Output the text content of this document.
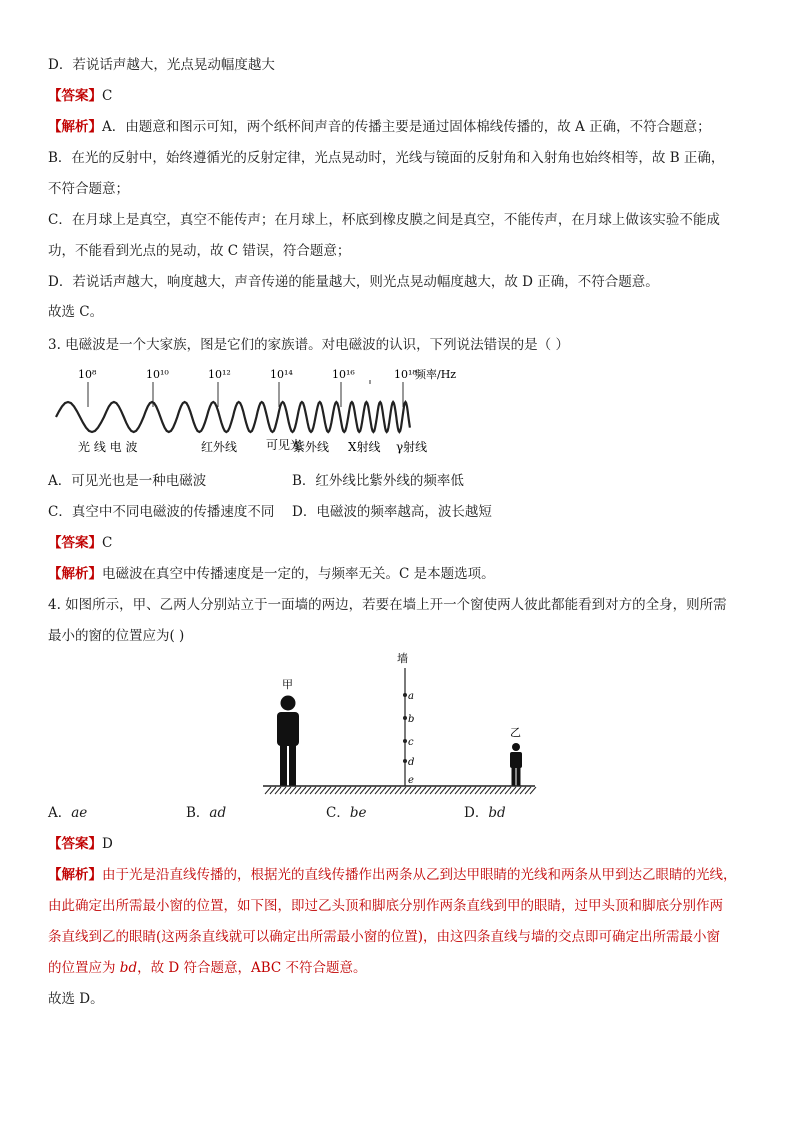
D．若说话声越大，光点晃动幅度越大
【答案】C
【解析】A．由题意和图示可知，两个纸杯间声音的传播主要是通过固体棉线传播的，故 A 正确，不符合题意；
B．在光的反射中，始终遵循光的反射定律，光点晃动时，光线与镜面的反射角和入射角也始终相等，故 B 正确，
不符合题意；
C．在月球上是真空，真空不能传声；在月球上，杯底到橡皮膜之间是真空，不能传声，在月球上做该实验不能成
功，不能看到光点的晃动，故 C 错误，符合题意；
D．若说话声越大，响度越大，声音传递的能量越大，则光点晃动幅度越大，故 D 正确，不符合题意。
故选 C。
3. 电磁波是一个大家族，图是它们的家族谱。对电磁波的认识，下列说法错误的是（ ）
10⁸	10¹⁰	10¹²	10¹⁴	10¹⁶	10¹⁸
频率/Hz
光 线 电 波	红外线 可见光
紫外线 X射线 γ射线
A．可见光也是一种电磁波	B．红外线比紫外线的频率低
C．真空中不同电磁波的传播速度不同 D．电磁波的频率越高，波长越短
【答案】C
【解析】电磁波在真空中传播速度是一定的，与频率无关。C 是本题选项。
4. 如图所示，甲、乙两人分别站立于一面墙的两边，若要在墙上开一个窗使两人彼此都能看到对方的全身，则所需
最小的窗的位置应为( )
墙
a
b
c
d
e
甲
乙
A．ae	B．ad	C．be	D．bd
【答案】D
【解析】由于光是沿直线传播的，根据光的直线传播作出两条从乙到达甲眼睛的光线和两条从甲到达乙眼睛的光线，
由此确定出所需最小窗的位置，如下图，即过乙头顶和脚底分别作两条直线到甲的眼睛，过甲头顶和脚底分别作两
条直线到乙的眼睛(这两条直线就可以确定出所需最小窗的位置)，由这四条直线与墙的交点即可确定出所需最小窗
的位置应为 bd，故 D 符合题意，ABC 不符合题意。
故选 D。
